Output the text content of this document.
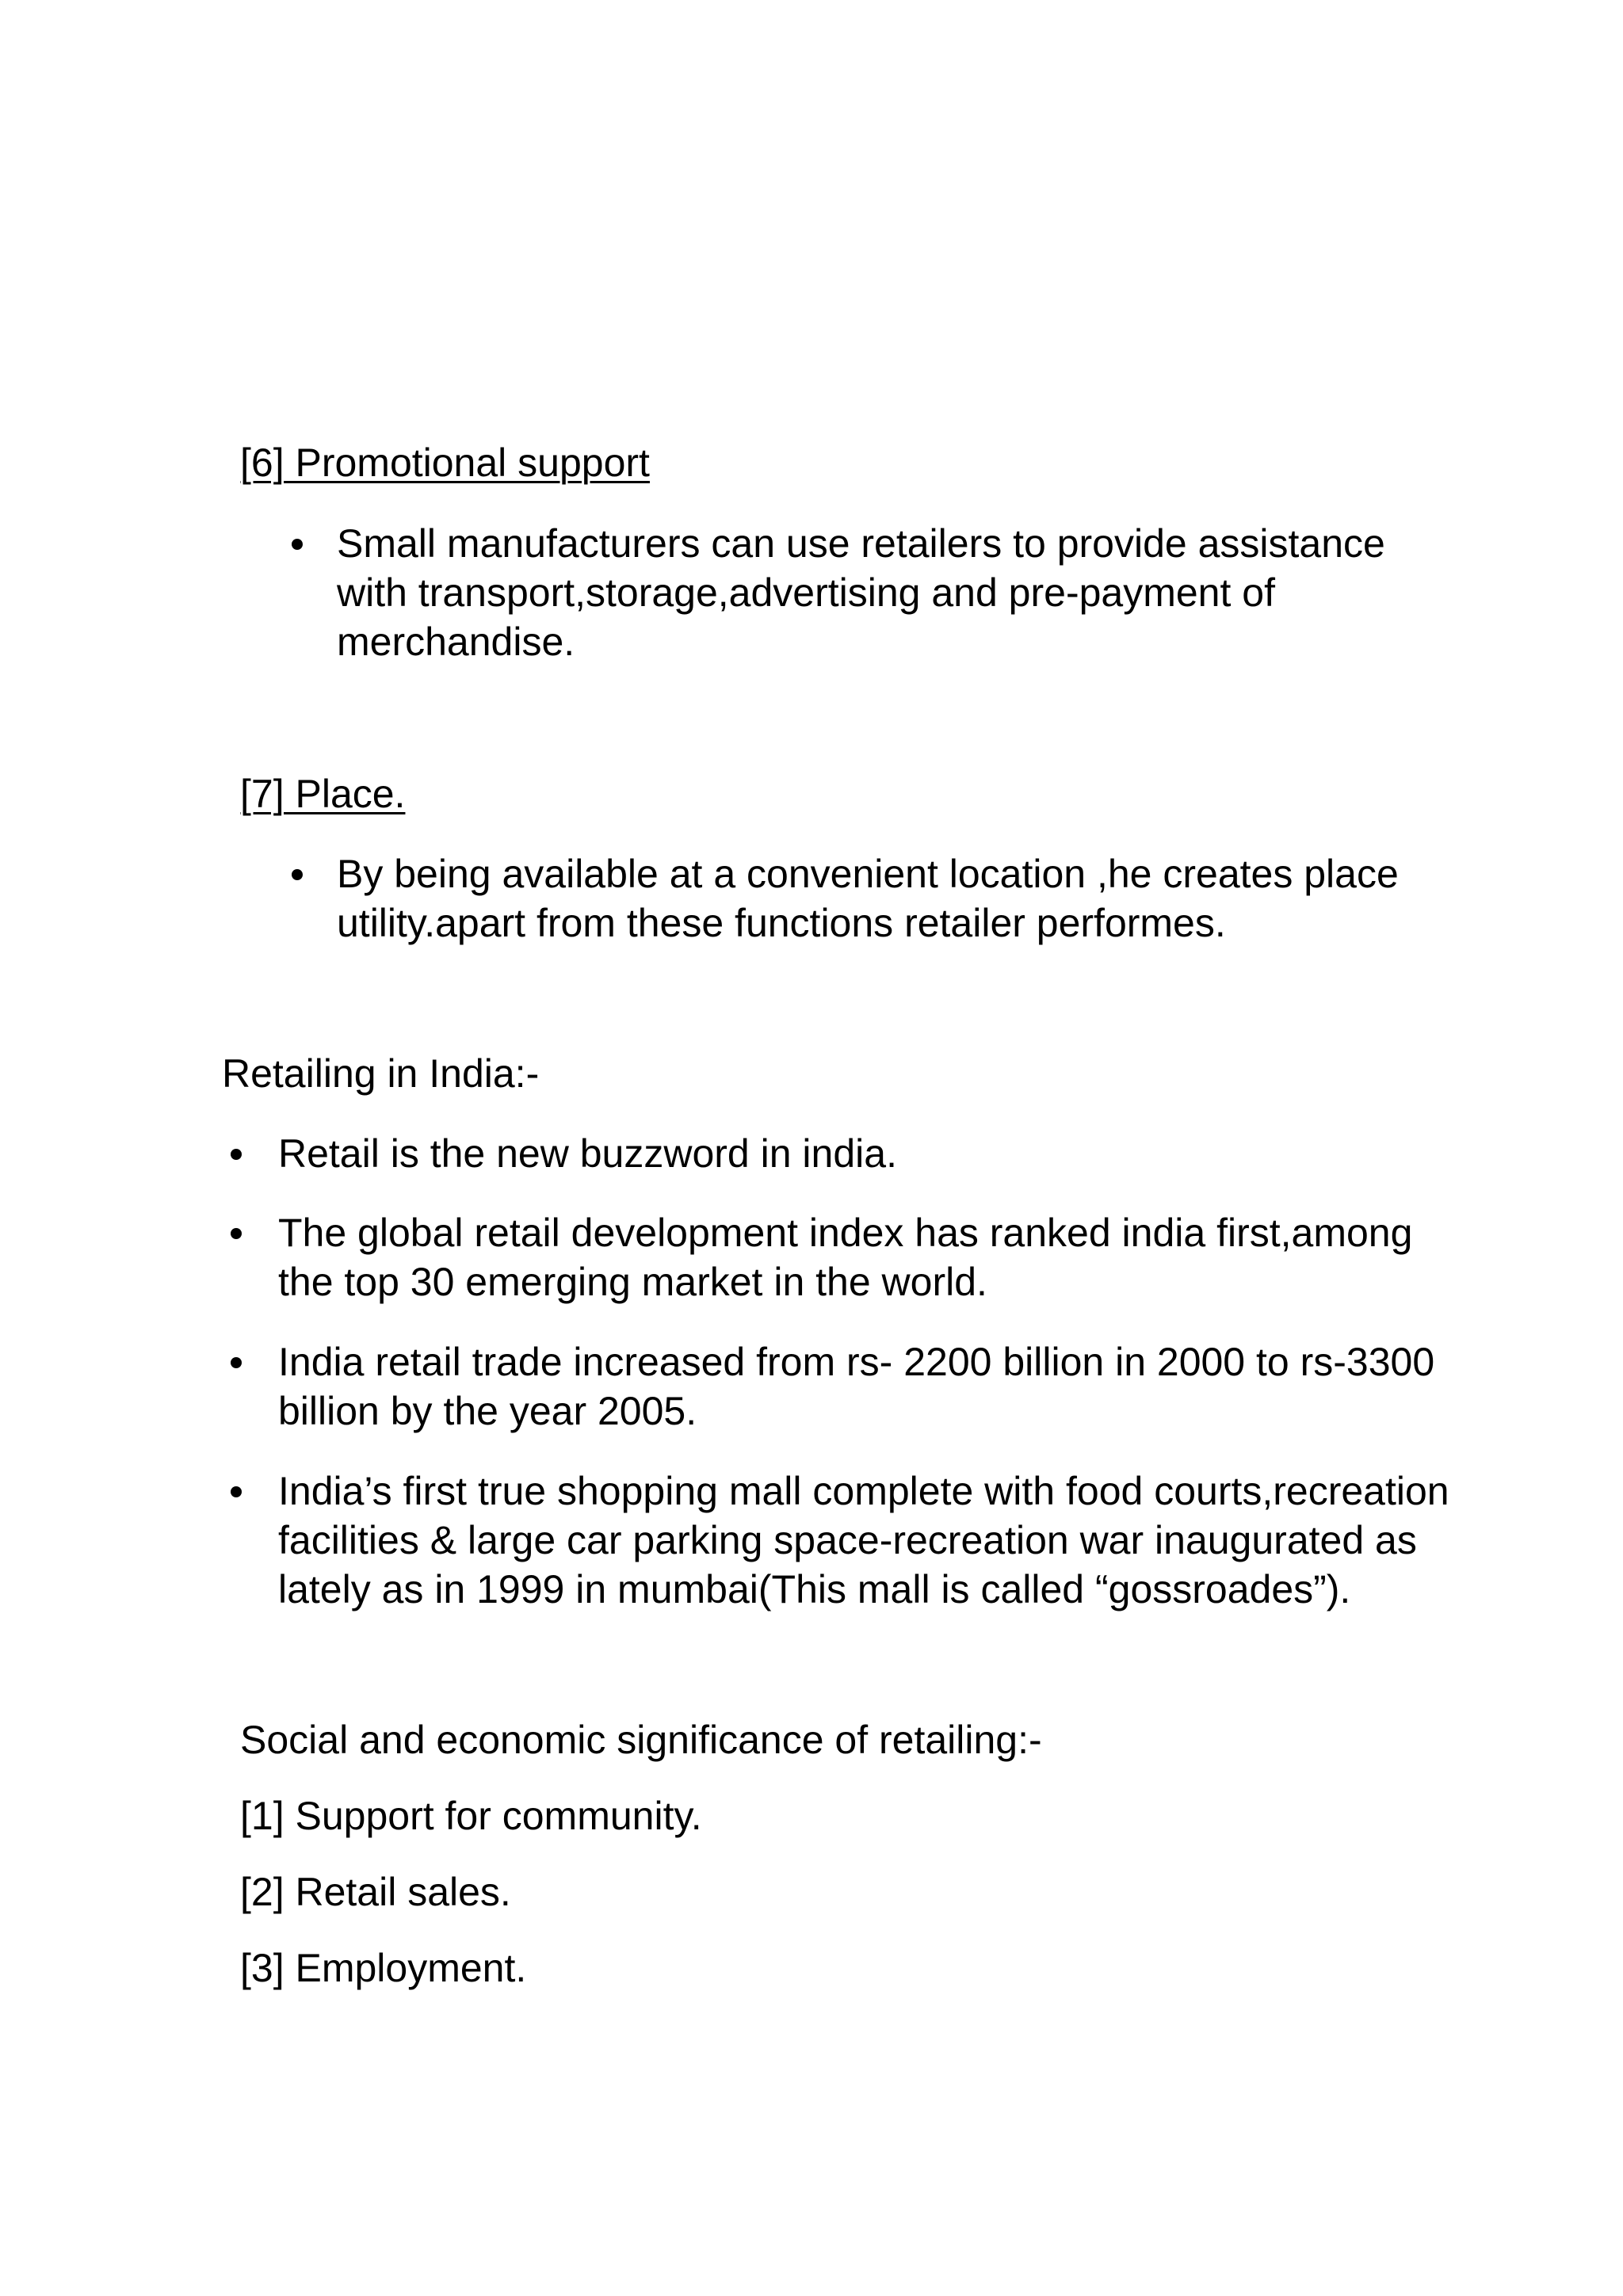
[6] Promotional support
Small manufacturers can use retailers to provide assistance
with transport,storage,advertising and pre-payment of
merchandise.
[7] Place.
By being available at a convenient location ,he creates place
utility.apart from these functions retailer performes.
Retailing in India:-
Retail is the new buzzword in india.
The global retail development index has ranked india first,among
the top 30 emerging market in the world.
India retail trade increased from rs- 2200 billion in 2000 to rs-3300
billion by the year 2005.
India’s first true shopping mall complete with food courts,recreation
facilities & large car parking space-recreation war inaugurated as
lately as in 1999 in mumbai(This mall is called “gossroades”).
Social and economic significance of retailing:-
[1] Support for community.
[2] Retail sales.
[3] Employment.
